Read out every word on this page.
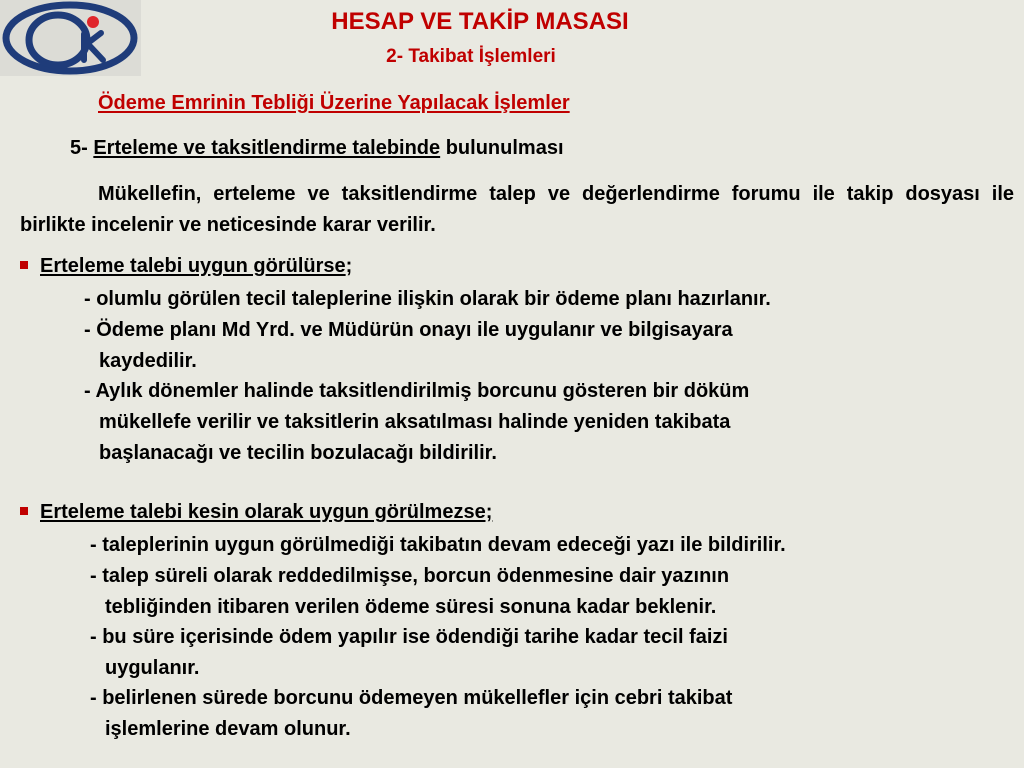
HESAP VE TAKİP MASASI
2- Takibat İşlemleri

Ödeme Emrinin Tebliği Üzerine Yapılacak İşlemler

5- Erteleme ve taksitlendirme talebinde bulunulması

Mükellefin, erteleme ve taksitlendirme talep ve değerlendirme forumu ile takip dosyası ile birlikte incelenir ve neticesinde karar verilir.

Erteleme talebi uygun görülürse;

- olumlu görülen tecil taleplerine ilişkin olarak bir ödeme planı hazırlanır.

- Ödeme planı Md Yrd. ve Müdürün onayı ile uygulanır ve bilgisayara
kaydedilir.

- Aylık dönemler halinde taksitlendirilmiş borcunu gösteren bir döküm
mükellefe verilir ve taksitlerin aksatılması halinde yeniden takibata
başlanacağı ve tecilin bozulacağı bildirilir.

Erteleme talebi kesin olarak uygun görülmezse;

- taleplerinin uygun görülmediği takibatın devam edeceği yazı ile bildirilir.

- talep süreli olarak reddedilmişse, borcun ödenmesine dair yazının
tebliğinden itibaren verilen ödeme süresi sonuna kadar beklenir.

- bu süre içerisinde ödem yapılır ise ödendiği tarihe kadar tecil faizi
uygulanır.

- belirlenen sürede borcunu ödemeyen mükellefler için cebri takibat
işlemlerine devam olunur.
